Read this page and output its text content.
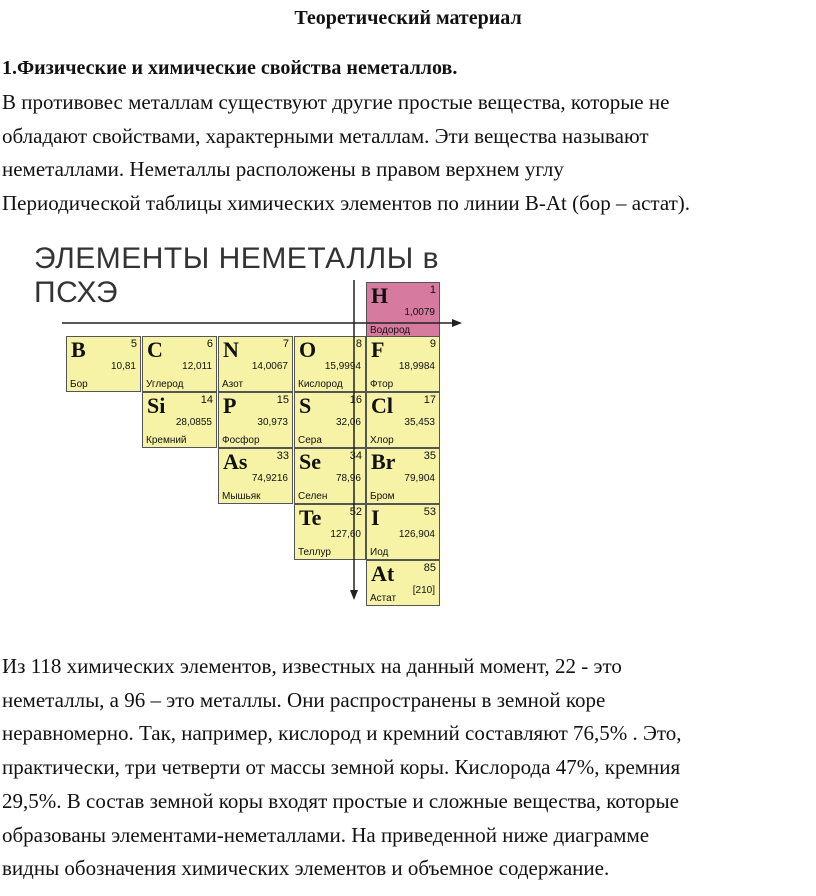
Теоретический материал
1.Физические и химические свойства неметаллов.
В противовес металлам существуют другие простые вещества, которые не
обладают свойствами, характерными металлам. Эти вещества называют
неметаллами. Неметаллы расположены в правом верхнем углу
Периодической таблицы химических элементов по линии B-At (бор – астат).
ЭЛЕМЕНТЫ НЕМЕТАЛЛЫ в ПСХЭ	H	1
1,0079
Водород
B	5
10,81
Бор
C	6
12,011
Углерод
N	7
14,0067
Азот
O	8
15,9994
Кислород
F	9
18,9984
Фтор
Si	14
28,0855
Кремний
P	15
30,973
Фосфор
S	16
32,06
Сера
Cl	17
35,453
Хлор
As	33
74,9216
Мышьяк
Se	34
78,96
Селен
Br	35
79,904
Бром
Te	52
127,60
Теллур
I	53
126,904
Иод
At	85
[210]
Астат
Из 118 химических элементов, известных на данный момент, 22 - это
неметаллы, а 96 – это металлы. Они распространены в земной коре
неравномерно. Так, например, кислород и кремний составляют 76,5% . Это,
практически, три четверти от массы земной коры. Кислорода 47%, кремния
29,5%. В состав земной коры входят простые и сложные вещества, которые
образованы элементами-неметаллами. На приведенной ниже диаграмме
видны обозначения химических элементов и объемное содержание.
